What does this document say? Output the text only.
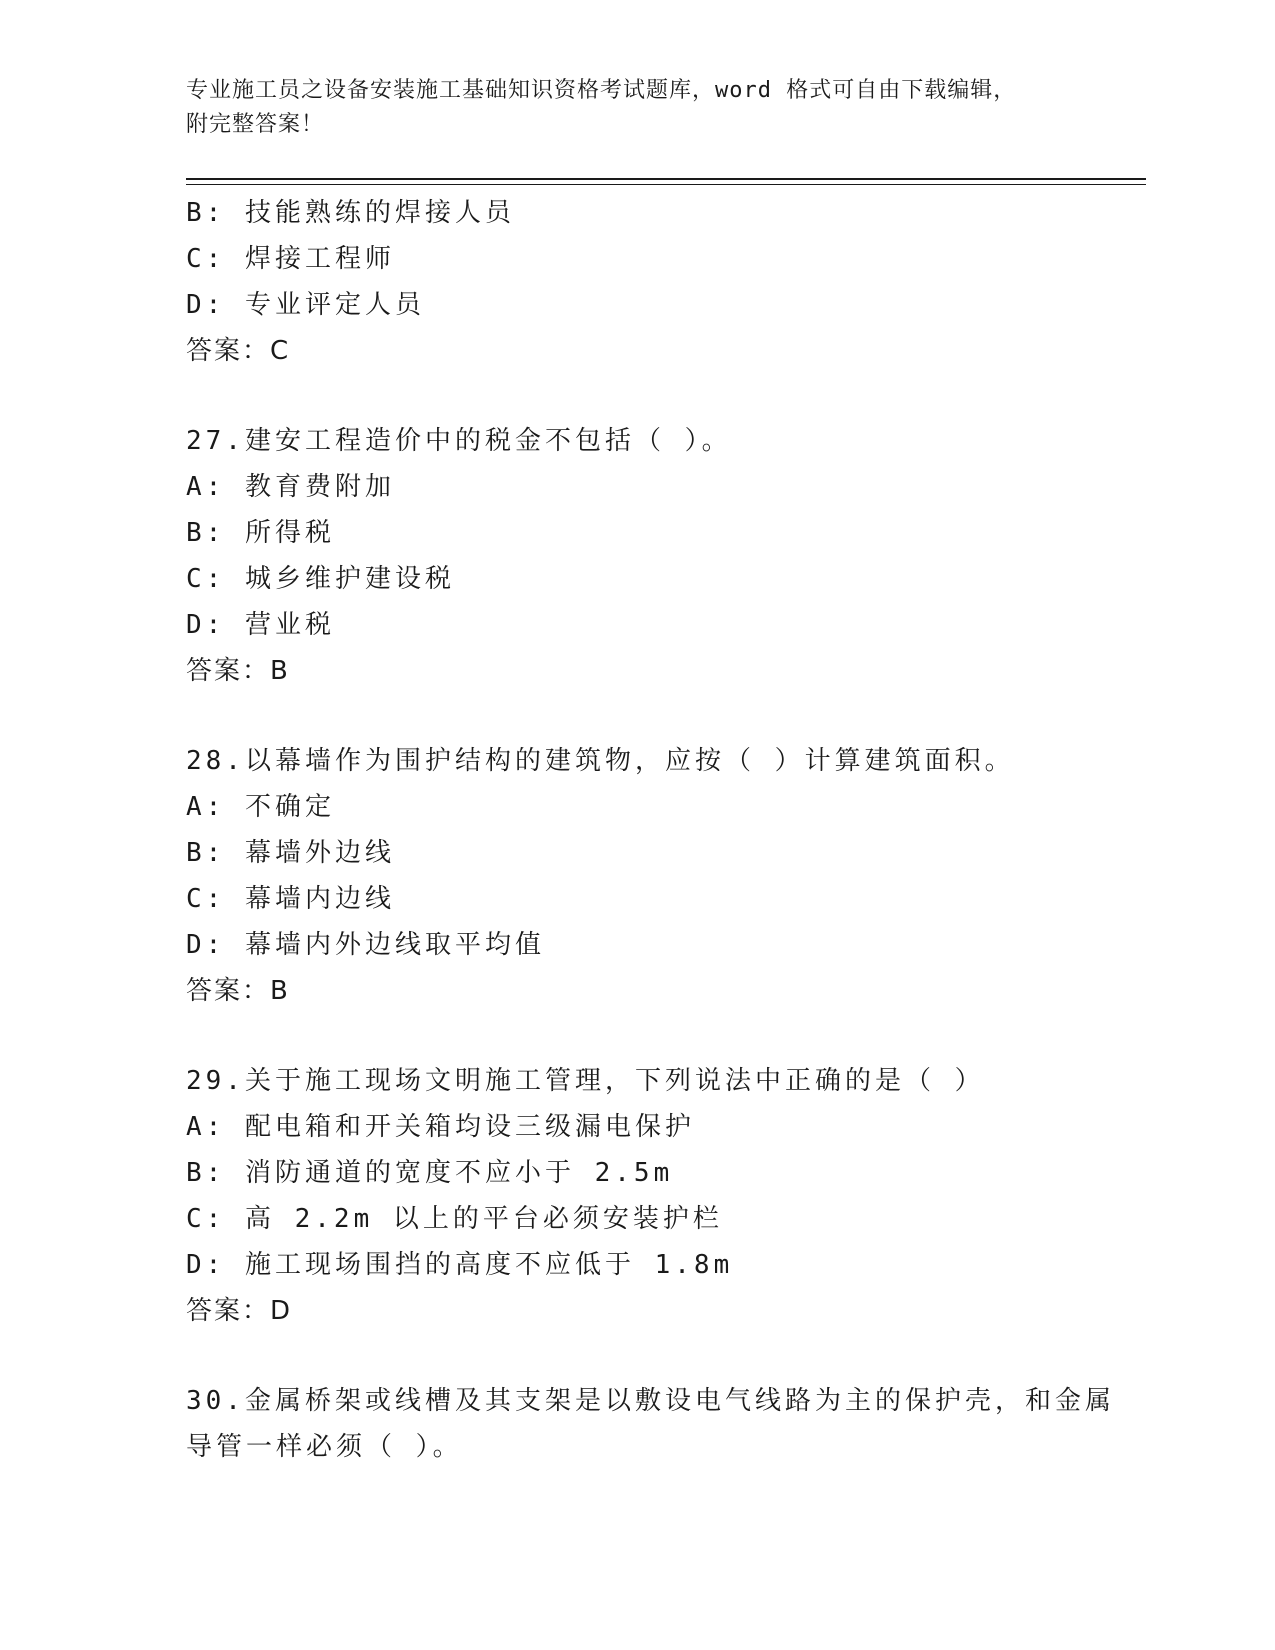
专业施工员之设备安装施工基础知识资格考试题库，word 格式可自由下载编辑，
附完整答案！
B: 技能熟练的焊接人员
C: 焊接工程师
D: 专业评定人员
答案：C
27.建安工程造价中的税金不包括（ ）。
A: 教育费附加
B: 所得税
C: 城乡维护建设税
D: 营业税
答案：B
28.以幕墙作为围护结构的建筑物，应按（ ）计算建筑面积。
A: 不确定
B: 幕墙外边线
C: 幕墙内边线
D: 幕墙内外边线取平均值
答案：B
29.关于施工现场文明施工管理，下列说法中正确的是（ ）
A: 配电箱和开关箱均设三级漏电保护
B: 消防通道的宽度不应小于 2.5m
C: 高 2.2m 以上的平台必须安装护栏
D: 施工现场围挡的高度不应低于 1.8m
答案：D
30.金属桥架或线槽及其支架是以敷设电气线路为主的保护壳，和金属
导管一样必须（ ）。
